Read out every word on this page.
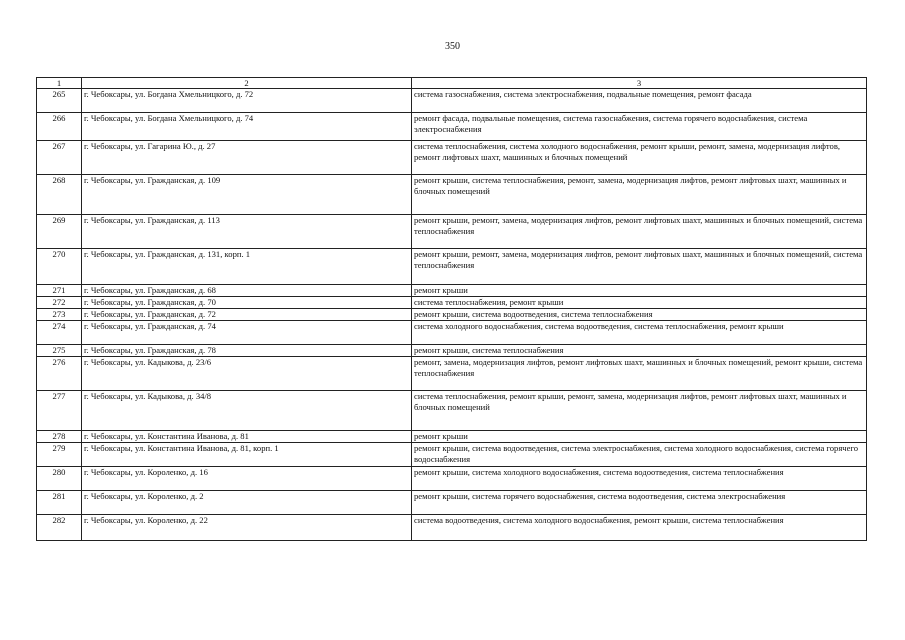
350
1	2	3
265	г. Чебоксары, ул. Богдана Хмельницкого, д. 72	система газоснабжения, система электроснабжения, подвальные помещения, ремонт фасада
266	г. Чебоксары, ул. Богдана Хмельницкого, д. 74	ремонт фасада, подвальные помещения, система газоснабжения, система горячего водоснабжения, система электроснабжения
267	г. Чебоксары, ул. Гагарина Ю., д. 27	система теплоснабжения, система холодного водоснабжения, ремонт крыши, ремонт, замена, модернизация лифтов, ремонт лифтовых шахт, машинных и блочных помещений
268	г. Чебоксары, ул. Гражданская, д. 109	ремонт крыши, система теплоснабжения, ремонт, замена, модернизация лифтов, ремонт лифтовых шахт, машинных и блочных помещений
269	г. Чебоксары, ул. Гражданская, д. 113	ремонт крыши, ремонт, замена, модернизация лифтов, ремонт лифтовых шахт, машинных и блочных помещений, система теплоснабжения
270	г. Чебоксары, ул. Гражданская, д. 131, корп. 1	ремонт крыши, ремонт, замена, модернизация лифтов, ремонт лифтовых шахт, машинных и блочных помещений, система теплоснабжения
271	г. Чебоксары, ул. Гражданская, д. 68	ремонт крыши
272	г. Чебоксары, ул. Гражданская, д. 70	система теплоснабжения, ремонт крыши
273	г. Чебоксары, ул. Гражданская, д. 72	ремонт крыши, система водоотведения, система теплоснабжения
274	г. Чебоксары, ул. Гражданская, д. 74	система холодного водоснабжения, система водоотведения, система теплоснабжения, ремонт крыши
275	г. Чебоксары, ул. Гражданская, д. 78	ремонт крыши, система теплоснабжения
276	г. Чебоксары, ул. Кадыкова, д. 23/6	ремонт, замена, модернизация лифтов, ремонт лифтовых шахт, машинных и блочных помещений, ремонт крыши, система теплоснабжения
277	г. Чебоксары, ул. Кадыкова, д. 34/8	система теплоснабжения, ремонт крыши, ремонт, замена, модернизация лифтов, ремонт лифтовых шахт, машинных и блочных помещений
278	г. Чебоксары, ул. Константина Иванова, д. 81	ремонт крыши
279	г. Чебоксары, ул. Константина Иванова, д. 81, корп. 1	ремонт крыши, система водоотведения, система электроснабжения, система холодного водоснабжения, система горячего водоснабжения
280	г. Чебоксары, ул. Короленко, д. 16	ремонт крыши, система холодного водоснабжения, система водоотведения, система теплоснабжения
281	г. Чебоксары, ул. Короленко, д. 2	ремонт крыши, система горячего водоснабжения, система водоотведения, система электроснабжения
282	г. Чебоксары, ул. Короленко, д. 22	система водоотведения, система холодного водоснабжения, ремонт крыши, система теплоснабжения
